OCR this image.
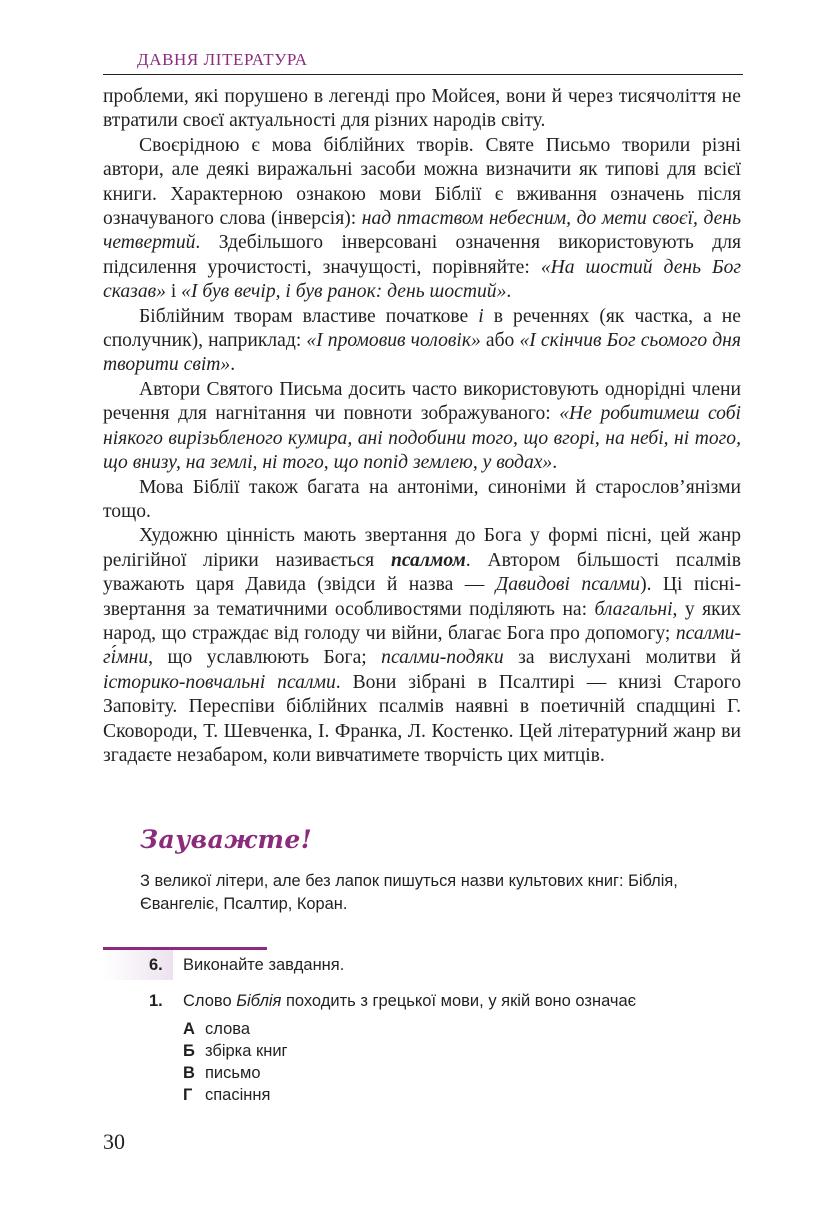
ДАВНЯ ЛІТЕРАТУРА

проблеми, які порушено в легенді про Мойсея, вони й через тисячоліття не втратили своєї актуальності для різних народів світу.

Своєрідною є мова біблійних творів. Святе Письмо творили різні автори, але деякі виражальні засоби можна визначити як типові для всієї книги. Характерною ознакою мови Біблії є вживання означень після означуваного слова (інверсія): над птаством небесним, до мети своєї, день четвертий. Здебільшого інверсовані означення використовують для підсилення урочистості, значущості, порівняйте: «На шостий день Бог сказав» і «І був вечір, і був ранок: день шостий».

Біблійним творам властиве початкове і в реченнях (як частка, а не сполучник), наприклад: «І промовив чоловік» або «І скінчив Бог сьомого дня творити світ».

Автори Святого Письма досить часто використовують однорідні члени речення для нагнітання чи повноти зображуваного: «Не робитимеш собі ніякого вирізьбленого кумира, ані подобини того, що вгорі, на небі, ні того, що внизу, на землі, ні того, що попід землею, у водах».

Мова Біблії також багата на антоніми, синоніми й старослов’янізми тощо.

Художню цінність мають звертання до Бога у формі пісні, цей жанр релігійної лірики називається псалмом. Автором більшості псалмів уважають царя Давида (звідси й назва — Давидові псалми). Ці пісні-звертання за тематичними особливостями поділяють на: благальні, у яких народ, що страждає від голоду чи війни, благає Бога про допомогу; псалми-гі́мни, що уславлюють Бога; псалми-подяки за вислухані молитви й історико-повчальні псалми. Вони зібрані в Псалтирі — книзі Старого Заповіту. Переспіви біблійних псалмів наявні в поетичній спадщині Г. Сковороди, Т. Шевченка, І. Франка, Л. Костенко. Цей літературний жанр ви згадаєте незабаром, коли вивчатимете творчість цих митців.

Зауважте!
З великої літери, але без лапок пишуться назви культових книг: Біблія, Євангеліє, Псалтир, Коран.
6. Виконайте завдання.
1. Слово Біблія походить з грецької мови, у якій воно означає
А слова
Б збірка книг
В письмо
Г спасіння
30
